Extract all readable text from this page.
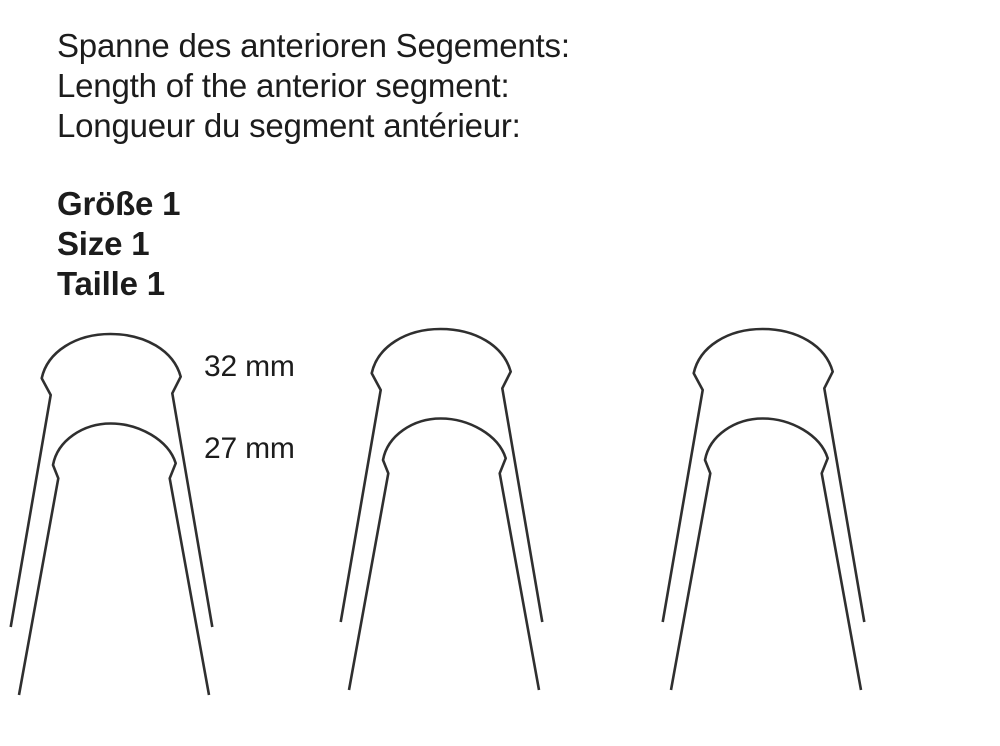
Spanne des anterioren Segements:
Length of the anterior segment:
Longueur du segment antérieur:
Größe 1
Size 1
Taille 1
32 mm
27 mm
